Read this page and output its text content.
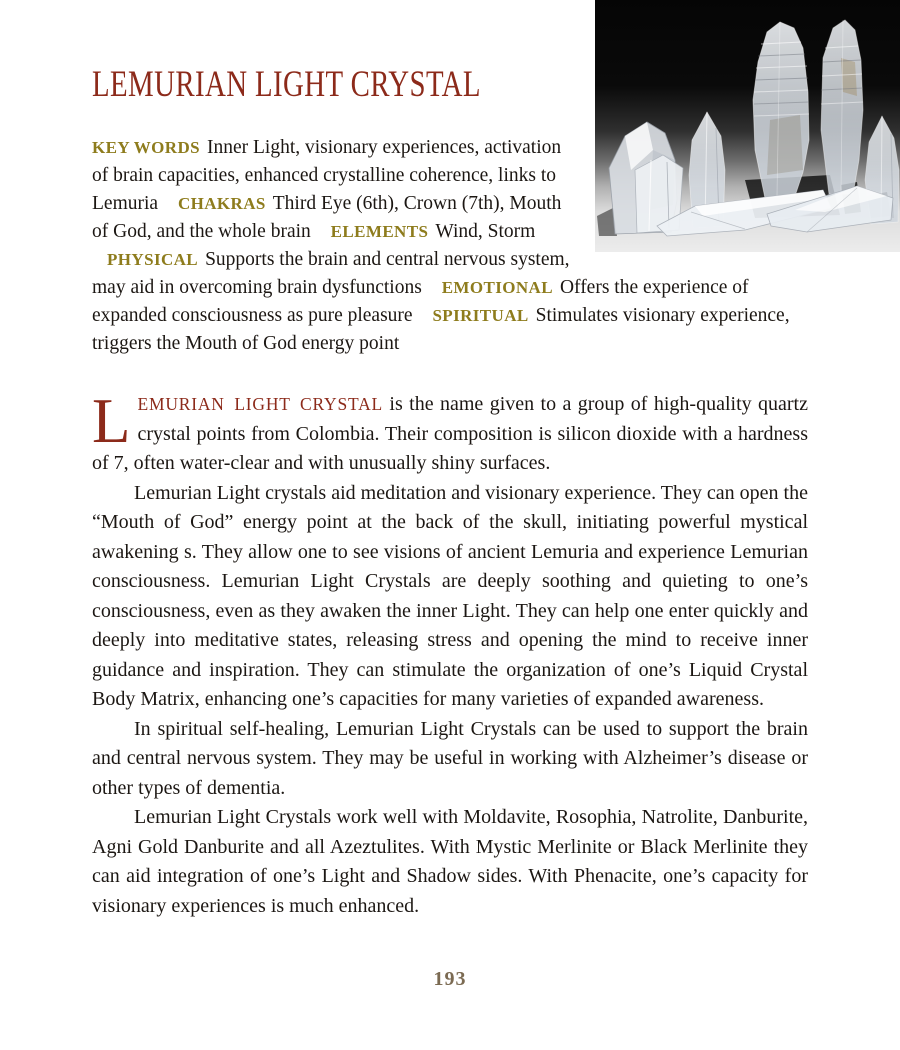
LEMURIAN LIGHT CRYSTAL

KEY WORDS Inner Light, visionary experiences, activation of brain capacities, enhanced crystalline coherence, links to Lemuria CHAKRAS Third Eye (6th), Crown (7th), Mouth of God, and the whole brain ELEMENTS Wind, Storm PHYSICAL Supports the brain and central nervous system, may aid in overcoming brain dysfunctions EMOTIONAL Offers the experience of expanded consciousness as pure pleasure SPIRITUAL Stimulates visionary experience, triggers the Mouth of God energy point

L EMURIAN LIGHT CRYSTAL is the name given to a group of high-quality quartz crystal points from Colombia. Their composition is silicon dioxide with a hardness of 7, often water-clear and with unusually shiny surfaces.

Lemurian Light crystals aid meditation and visionary experience. They can open the “Mouth of God” energy point at the back of the skull, initiating powerful mystical awakening s. They allow one to see visions of ancient Lemuria and experience Lemurian consciousness. Lemurian Light Crystals are deeply soothing and quieting to one’s consciousness, even as they awaken the inner Light. They can help one enter quickly and deeply into meditative states, releasing stress and opening the mind to receive inner guidance and inspiration. They can stimulate the organization of one’s Liquid Crystal Body Matrix, enhancing one’s capacities for many varieties of expanded awareness.

In spiritual self-healing, Lemurian Light Crystals can be used to support the brain and central nervous system. They may be useful in working with Alzheimer’s disease or other types of dementia.

Lemurian Light Crystals work well with Moldavite, Rosophia, Natrolite, Danburite, Agni Gold Danburite and all Azeztulites. With Mystic Merlinite or Black Merlinite they can aid integration of one’s Light and Shadow sides. With Phenacite, one’s capacity for visionary experiences is much enhanced.

193
